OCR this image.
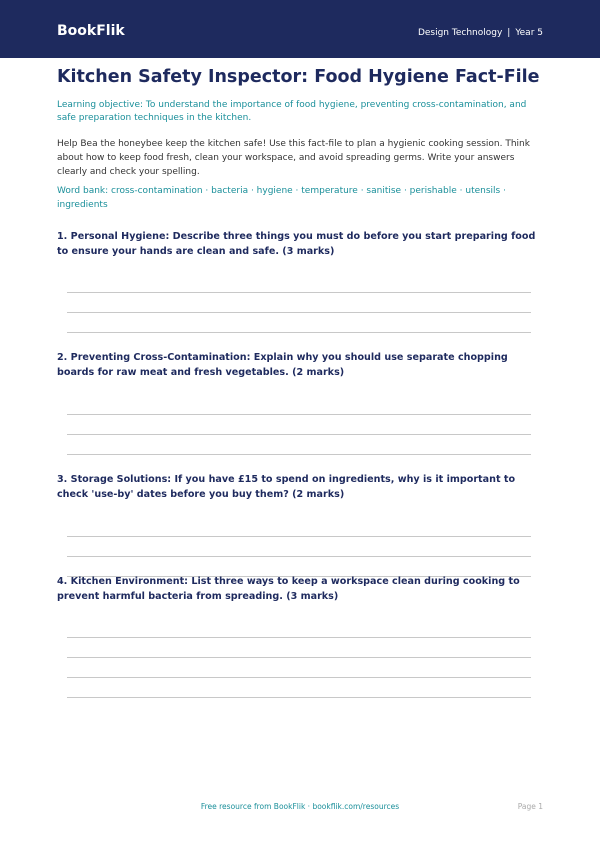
BookFlik	Design Technology | Year 5
Kitchen Safety Inspector: Food Hygiene Fact-File
Learning objective: To understand the importance of food hygiene, preventing cross-contamination, and safe preparation techniques in the kitchen.
Help Bea the honeybee keep the kitchen safe! Use this fact-file to plan a hygienic cooking session. Think about how to keep food fresh, clean your workspace, and avoid spreading germs. Write your answers clearly and check your spelling.
Word bank: cross-contamination · bacteria · hygiene · temperature · sanitise · perishable · utensils · ingredients
1. Personal Hygiene: Describe three things you must do before you start preparing food to ensure your hands are clean and safe. (3 marks)
2. Preventing Cross-Contamination: Explain why you should use separate chopping boards for raw meat and fresh vegetables. (2 marks)
3. Storage Solutions: If you have £15 to spend on ingredients, why is it important to check 'use-by' dates before you buy them? (2 marks)
4. Kitchen Environment: List three ways to keep a workspace clean during cooking to prevent harmful bacteria from spreading. (3 marks)
Free resource from BookFlik · bookflik.com/resources	Page 1
